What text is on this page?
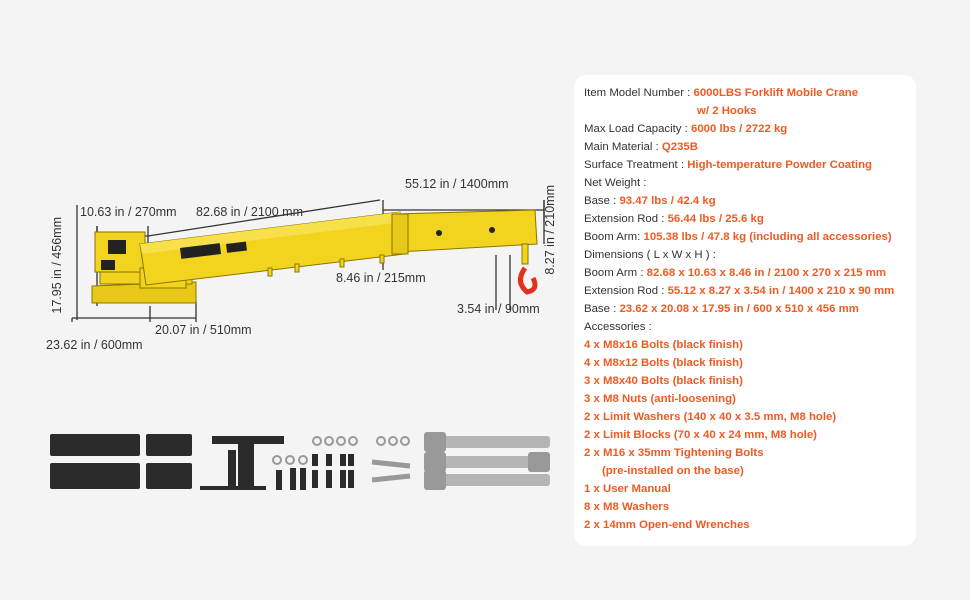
10.63 in / 270mm 82.68 in / 2100 mm
55.12 in / 1400mm
8.27 in / 210mm
17.95 in / 456mm	8.46 in / 215mm
3.54 in / 90mm
20.07 in / 510mm
23.62 in / 600mm
Item Model Number : 6000LBS Forklift Mobile Crane
w/ 2 Hooks
Max Load Capacity : 6000 lbs / 2722 kg
Main Material : Q235B
Surface Treatment : High-temperature Powder Coating
Net Weight :
Base : 93.47 lbs / 42.4 kg
Extension Rod : 56.44 lbs / 25.6 kg
Boom Arm: 105.38 lbs / 47.8 kg (including all accessories)
Dimensions ( L x W x H ) :
Boom Arm : 82.68 x 10.63 x 8.46 in / 2100 x 270 x 215 mm
Extension Rod : 55.12 x 8.27 x 3.54 in / 1400 x 210 x 90 mm
Base : 23.62 x 20.08 x 17.95 in / 600 x 510 x 456 mm
Accessories :
4 x M8x16 Bolts (black finish)
4 x M8x12 Bolts (black finish)
3 x M8x40 Bolts (black finish)
3 x M8 Nuts (anti-loosening)
2 x Limit Washers (140 x 40 x 3.5 mm, M8 hole)
2 x Limit Blocks (70 x 40 x 24 mm, M8 hole)
2 x M16 x 35mm Tightening Bolts
(pre-installed on the base)
1 x User Manual
8 x M8 Washers
2 x 14mm Open-end Wrenches
